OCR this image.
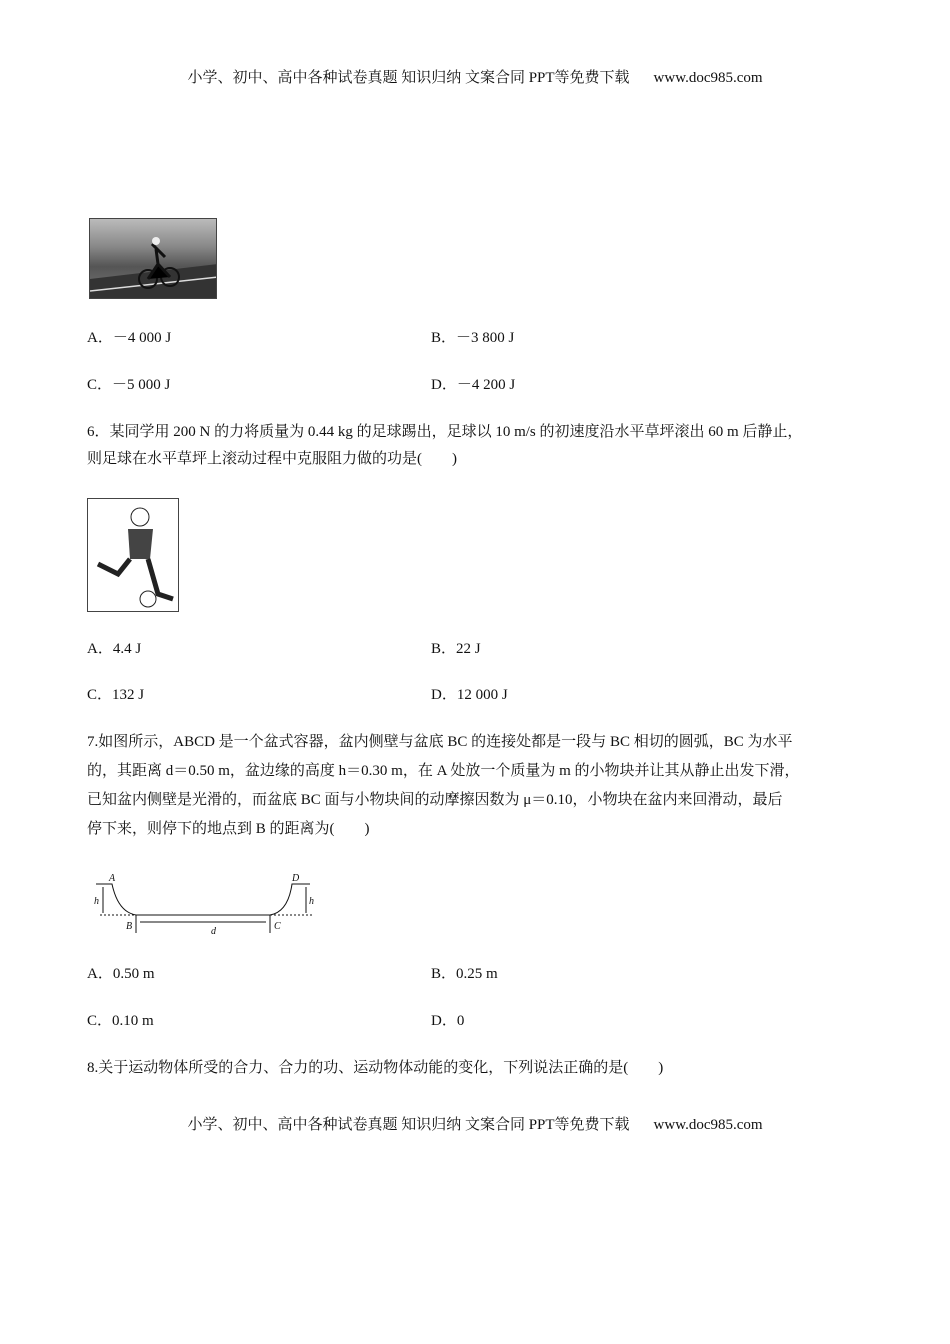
小学、初中、高中各种试卷真题 知识归纳 文案合同 PPT等免费下载 www.doc985.com
A．－4 000 J	B．－3 800 J
C．－5 000 J	D．－4 200 J
6．某同学用 200 N 的力将质量为 0.44 kg 的足球踢出，足球以 10 m/s 的初速度沿水平草坪滚出 60 m 后静止，
则足球在水平草坪上滚动过程中克服阻力做的功是(　　)
A．4.4 J	B．22 J
C．132 J	D．12 000 J
7.如图所示，ABCD 是一个盆式容器，盆内侧壁与盆底 BC 的连接处都是一段与 BC 相切的圆弧，BC 为水平
的，其距离 d＝0.50 m，盆边缘的高度 h＝0.30 m，在 A 处放一个质量为 m 的小物块并让其从静止出发下滑，
已知盆内侧壁是光滑的，而盆底 BC 面与小物块间的动摩擦因数为 μ＝0.10，小物块在盆内来回滑动，最后
停下来，则停下的地点到 B 的距离为(　　)
A
B	C
D
h	h
d
A．0.50 m	B．0.25 m
C．0.10 m	D．0
8.关于运动物体所受的合力、合力的功、运动物体动能的变化，下列说法正确的是(　　)
小学、初中、高中各种试卷真题 知识归纳 文案合同 PPT等免费下载 www.doc985.com
